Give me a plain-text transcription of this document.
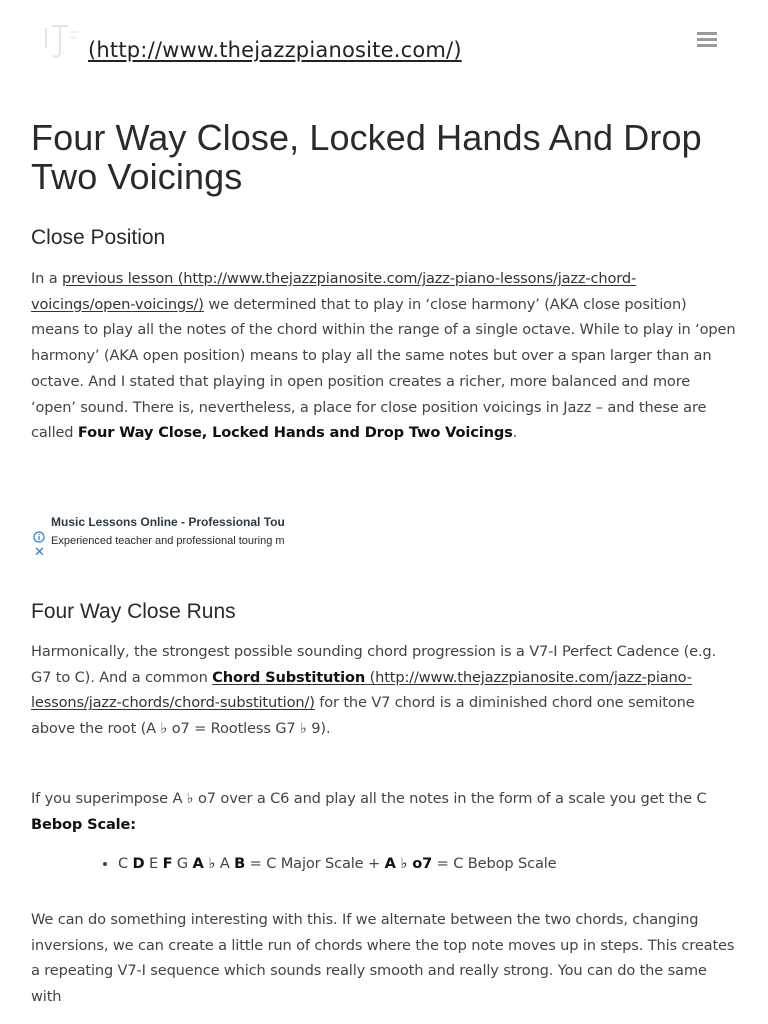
(http://www.thejazzpianosite.com/)
Four Way Close, Locked Hands And Drop Two Voicings
Close Position

In a previous lesson (http://www.thejazzpianosite.com/jazz-piano-lessons/jazz-chord-voicings/open-voicings/) we determined that to play in ‘close harmony’ (AKA close position) means to play all the notes of the chord within the range of a single octave. While to play in ‘open harmony’ (AKA open position) means to play all the same notes but over a span larger than an octave. And I stated that playing in open position creates a richer, more balanced and more ‘open’ sound. There is, nevertheless, a place for close position voicings in Jazz – and these are called Four Way Close, Locked Hands and Drop Two Voicings.

Music Lessons Online - Professional Tou
Experienced teacher and professional touring m
✕
Four Way Close Runs

Harmonically, the strongest possible sounding chord progression is a V7-I Perfect Cadence (e.g. G7 to C). And a common Chord Substitution (http://www.thejazzpianosite.com/jazz-piano-lessons/jazz-chords/chord-substitution/) for the V7 chord is a diminished chord one semitone above the root (A ♭ o7 = Rootless G7 ♭ 9).

If you superimpose A ♭ o7 over a C6 and play all the notes in the form of a scale you get the C Bebop Scale:

• C D E F G A ♭ A B = C Major Scale + A ♭ o7 = C Bebop Scale

We can do something interesting with this. If we alternate between the two chords, changing inversions, we can create a little run of chords where the top note moves up in steps. This creates a repeating V7-I sequence which sounds really smooth and really strong. You can do the same with
